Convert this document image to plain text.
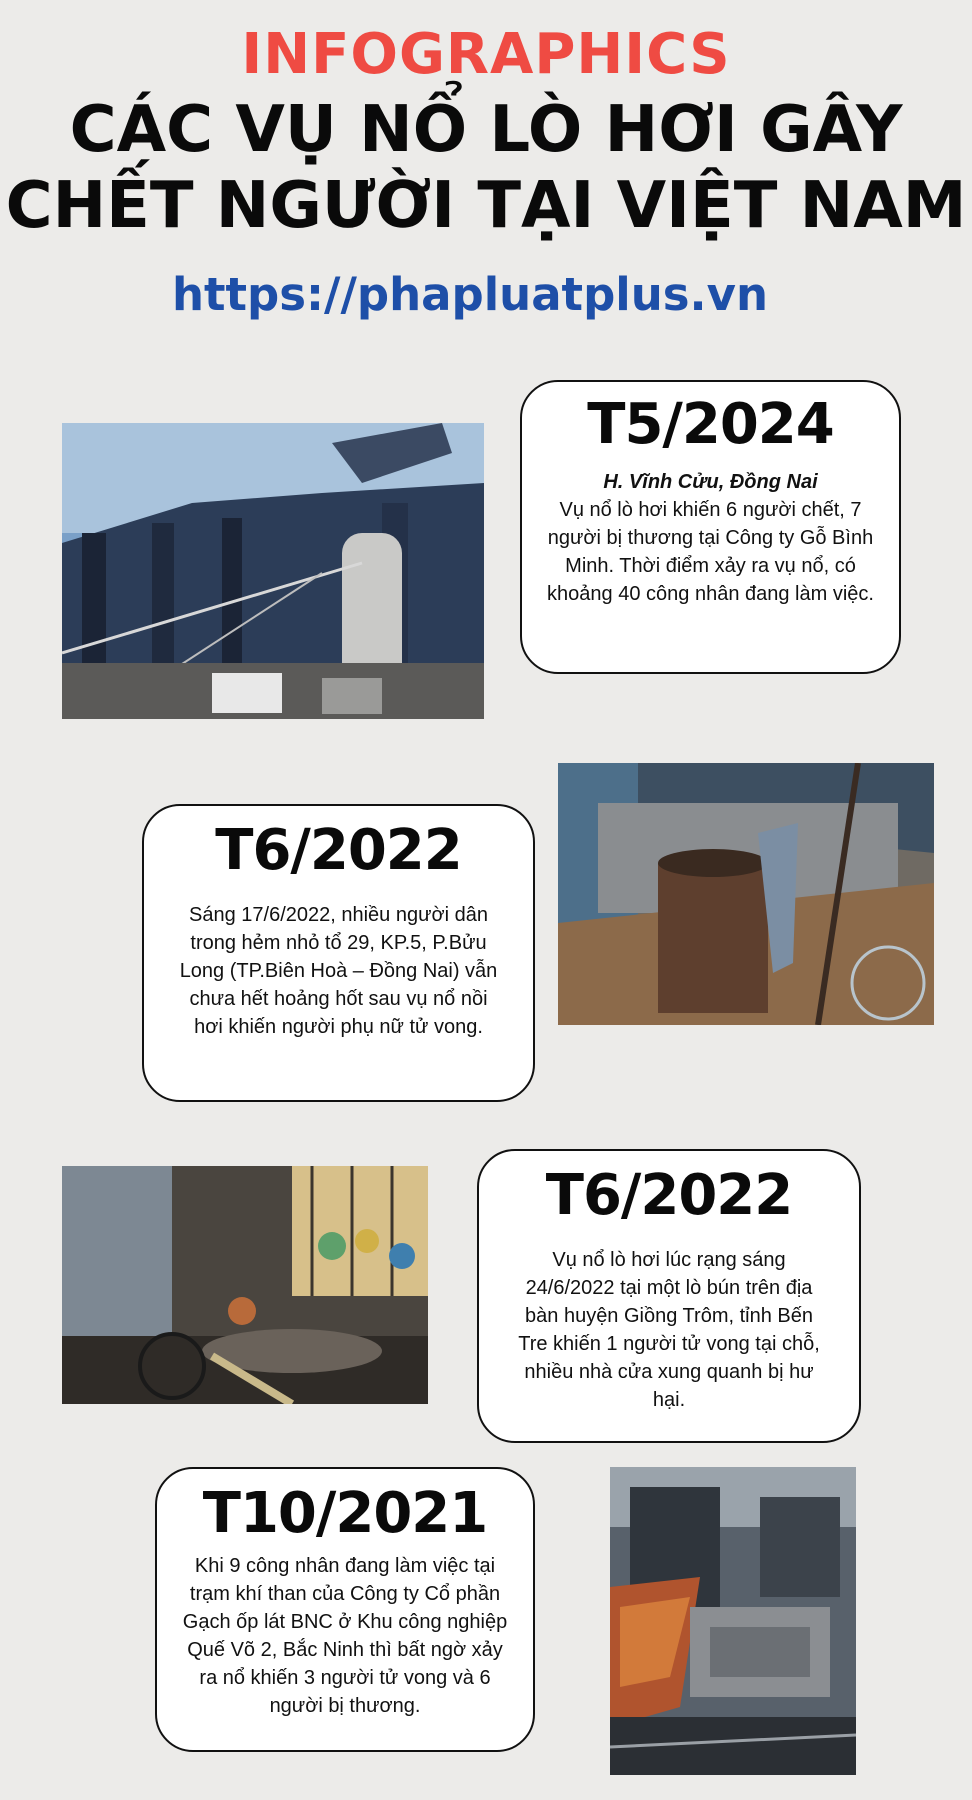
INFOGRAPHICS
CÁC VỤ NỔ LÒ HƠI GÂY
CHẾT NGƯỜI TẠI VIỆT NAM
https://phapluatplus.vn
T5/2024
H. Vĩnh Cửu, Đồng Nai
Vụ nổ lò hơi khiến 6 người chết, 7 người bị thương tại Công ty Gỗ Bình Minh. Thời điểm xảy ra vụ nổ, có khoảng 40 công nhân đang làm việc.
T6/2022
Sáng 17/6/2022, nhiều người dân trong hẻm nhỏ tổ 29, KP.5, P.Bửu Long (TP.Biên Hoà – Đồng Nai) vẫn chưa hết hoảng hốt sau vụ nổ nồi hơi khiến người phụ nữ tử vong.
T6/2022
Vụ nổ lò hơi lúc rạng sáng 24/6/2022 tại một lò bún trên địa bàn huyện Giồng Trôm, tỉnh Bến Tre khiến 1 người tử vong tại chỗ, nhiều nhà cửa xung quanh bị hư hại.
T10/2021
Khi 9 công nhân đang làm việc tại trạm khí than của Công ty Cổ phần Gạch ốp lát BNC ở Khu công nghiệp Quế Võ 2, Bắc Ninh thì bất ngờ xảy ra nổ khiến 3 người tử vong và 6 người bị thương.
